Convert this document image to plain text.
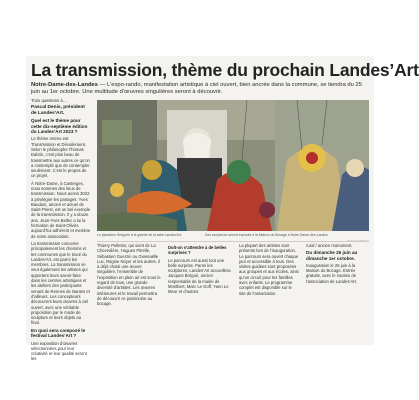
La transmission, thème du prochain Landes’Art
Notre-Dame-des-Landes — L’expo-rando, manifestation artistique à ciel ouvert, bien ancrée dans la commune, se tiendra du 25 juin au 1er octobre. Une multitude d’œuvres singulières seront à découvrir.

Trois questions à…

Pascal Denis, président de Landes’Art.

Quel est le thème pour cette dix-septième édition du Landes’Art 2023 ?

Le thème retenu est Transmission et Dévoilement. Selon le philosophe Thomas Dabrin, c’est plus beau de transmettre aux autres ce qu’on a contemplé que de contempler seulement. C’est le propos de ce projet.

À Notre-Dame, à Casterges, nous sommes des lieux de transmission. Nous avons 2022 à privilégier les partages. Yves Bauduin, ancien et actuel de Saint-Priest, est un bel exemple de la transmission. Il y a douze ans, Jean-Yves Bellec a lui la formation de Saint-Olivier, aujourd’hui adhérent et membre de notre association.

La transmission concerne principalement les chemins et les communes que le tracé du Landes’Art, est parmi les membres. La transmission se veut également les artistes qui apportent leurs savoir-faire dans les centres artistiques et les ateliers des participants venant de Rennes de Nantes et d’ailleurs. Les concepteurs découvrent leurs œuvres à ciel ouvert, avec une véritable proposition par le mode de sculpture et leurs objets au final.

En quoi sera composé le festival Landes’Art ?

Une exposition d’œuvres sélectionnées pour leur créativité et leur qualité seront les

Le plasticien Grégoire à la galerie de la salle Landes’Art.	Des sculpteurs seront exposés à la Maison du Bocage à Notre-Dame-des-Landes.
© Ouest-France

Thierry Pelletier, qui vient de La Chevrolière, Hugues Pitrelle, Sébastien Guerzin ou Gwenaëlle Luc, Régine Noyer et les autres. Il a déjà choisi une œuvre singulière, l’ensemble de l’exposition en plein air est sous le regard de tous, une grande diversité d’artistes. Les œuvres intérieures et le travail permettra de découvrir ce patrimoine au bocage.

Doit-on s’attendre à de belles surprises ?

Le parcours est aussi tout une belle surprise. Parmi les sculptures, Landes’Art accueillera Jacques Brégué, ancien responsable de la mairie de Montbert, Marc Le Goff, Yann Le Meur et d’autres.

La plupart des artistes sont présents lors de l’inauguration. Le parcours sera ouvert chaque jour et accessible à tous. Des visites guidées sont proposées aux groupes et aux écoles, ainsi qu’un circuit pour les familles avec enfants. Le programme complet est disponible sur le site de l’association.

rural / ancien monument.

Du dimanche 25 juin au dimanche 1er octobre.

Inauguration le 25 juin à la Maison du Bocage. Entrée gratuite, avec le soutien de l’association de Landes’Art.
